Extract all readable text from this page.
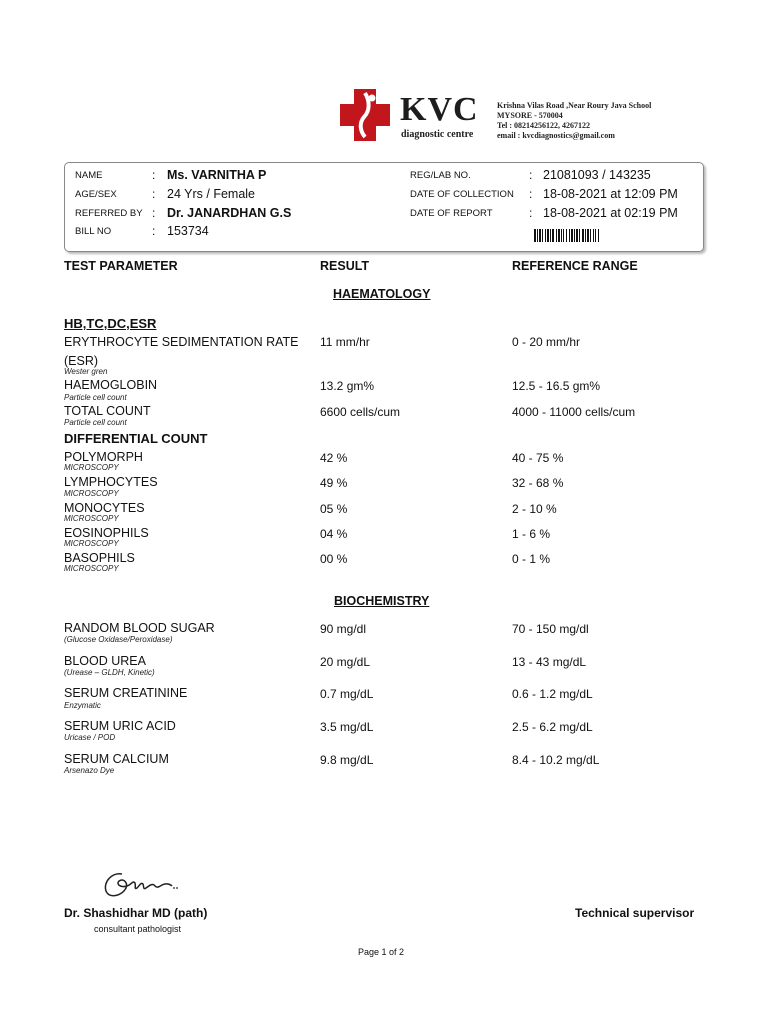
KVC
diagnostic centre
Krishna Vilas Road ,Near Roury Java School
MYSORE - 570004
Tel : 08214256122, 4267122
email : kvcdiagnostics@gmail.com
NAME	: Ms. VARNITHA P
AGE/SEX	: 24 Yrs / Female
REFERRED BY : Dr. JANARDHAN G.S
BILL NO	: 153734
REG/LAB NO.	: 21081093 / 143235
DATE OF COLLECTION : 18-08-2021 at 12:09 PM
DATE OF REPORT	: 18-08-2021 at 02:19 PM
TEST PARAMETER	RESULT	REFERENCE RANGE
HAEMATOLOGY
HB,TC,DC,ESR
ERYTHROCYTE SEDIMENTATION RATE
(ESR)
Wester gren
11 mm/hr	0 - 20 mm/hr
HAEMOGLOBIN
Particle cell count
13.2 gm%	12.5 - 16.5 gm%
TOTAL COUNT
Particle cell count
6600 cells/cum	4000 - 11000 cells/cum
DIFFERENTIAL COUNT
POLYMORPH
MICROSCOPY
42 %	40 - 75 %
LYMPHOCYTES
MICROSCOPY
49 %	32 - 68 %
MONOCYTES
MICROSCOPY
05 %	2 - 10 %
EOSINOPHILS
MICROSCOPY
04 %	1 - 6 %
BASOPHILS
MICROSCOPY
00 %	0 - 1 %
BIOCHEMISTRY
RANDOM BLOOD SUGAR
(Glucose Oxidase/Peroxidase)
90 mg/dl	70 - 150 mg/dl
BLOOD UREA
(Urease – GLDH, Kinetic)
20 mg/dL	13 - 43 mg/dL
SERUM CREATININE
Enzymatic
0.7 mg/dL	0.6 - 1.2 mg/dL
SERUM URIC ACID
Uricase / POD
3.5 mg/dL	2.5 - 6.2 mg/dL
SERUM CALCIUM
Arsenazo Dye
9.8 mg/dL	8.4 - 10.2 mg/dL
Dr. Shashidhar MD (path)
consultant pathologist
Technical supervisor
Page 1 of 2
